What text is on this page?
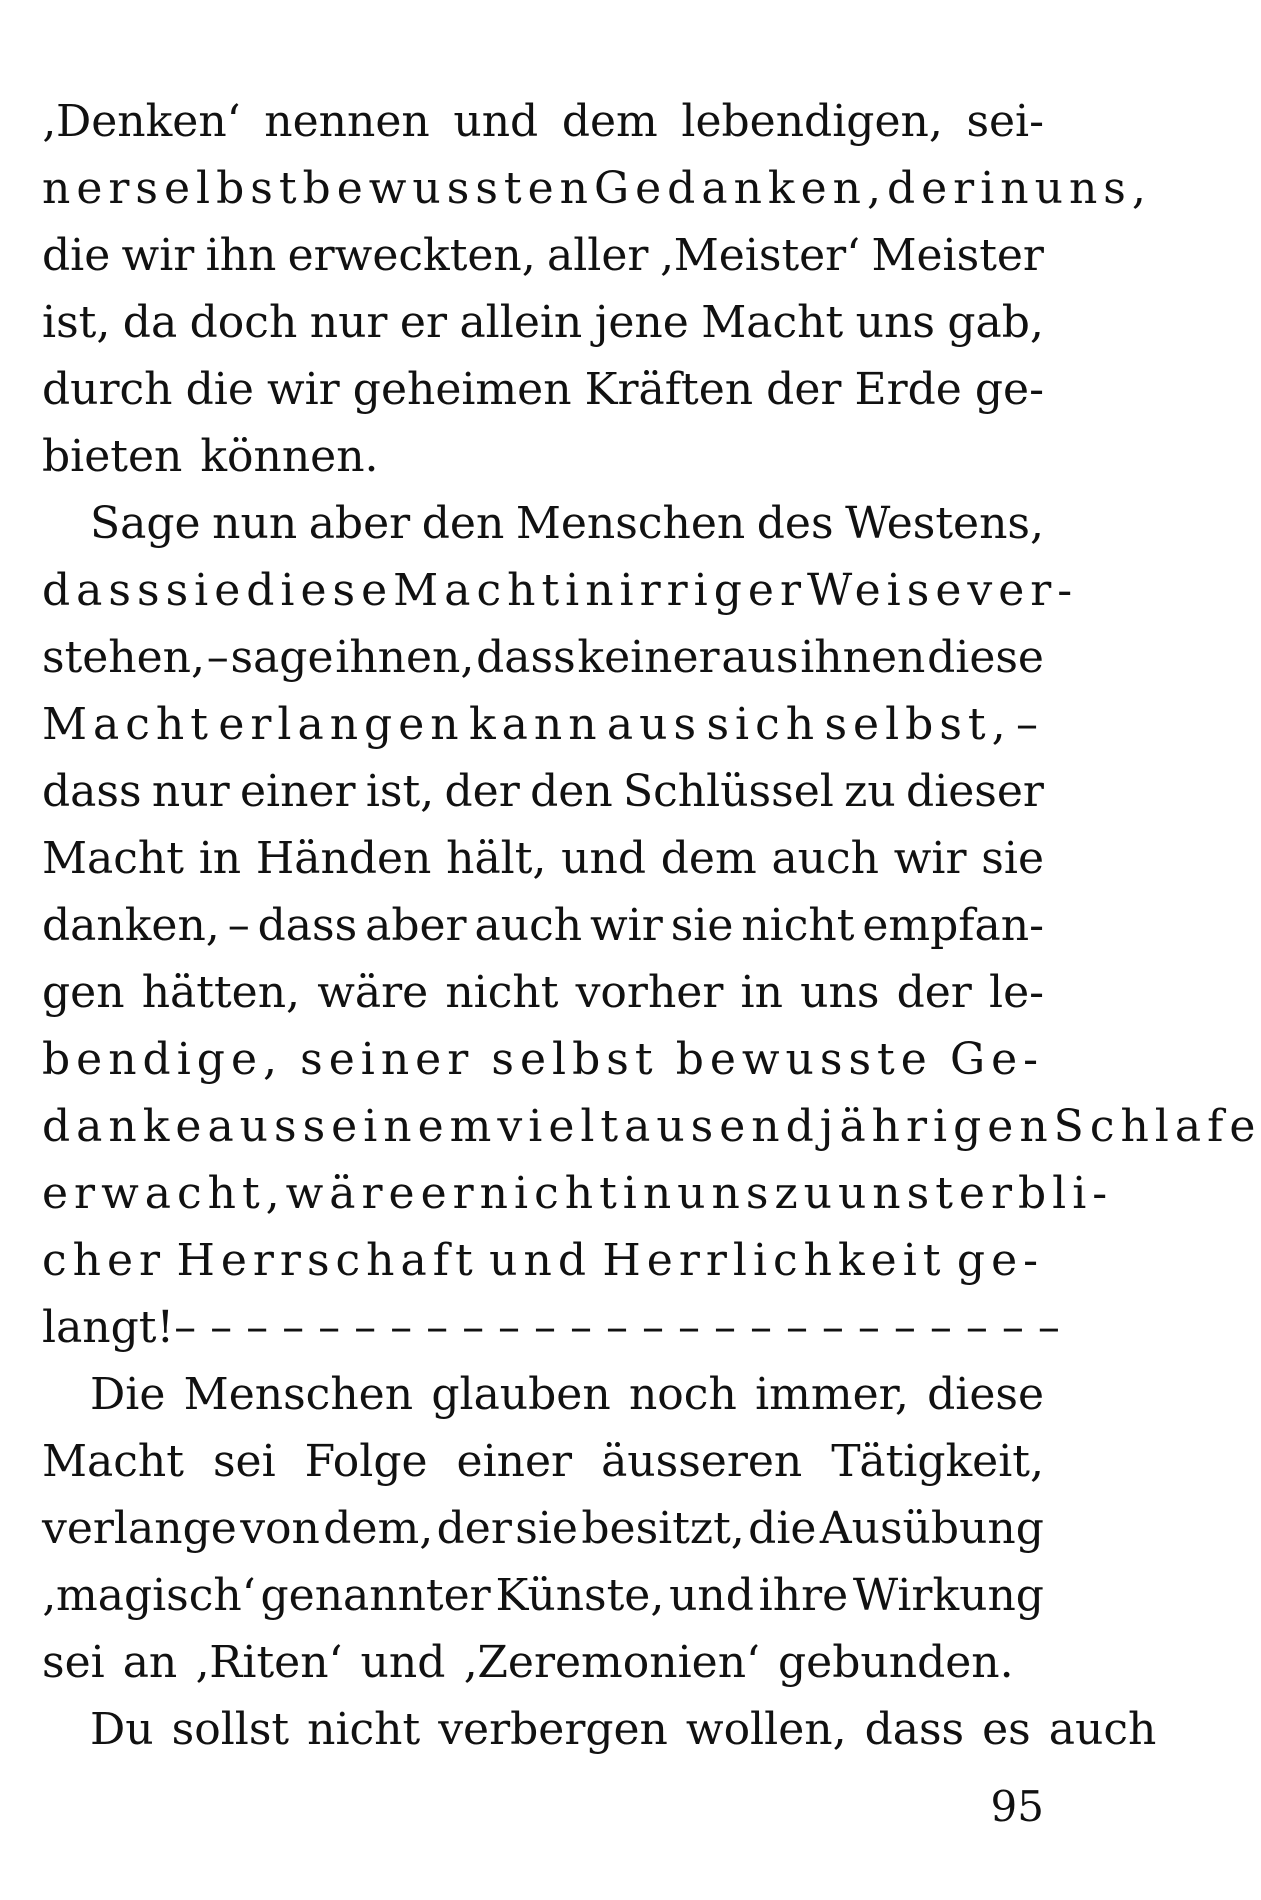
‚Denken‘ nennen und dem lebendigen, sei-
ner selbst bewussten Gedanken, der in uns,
die wir ihn erweckten, aller ‚Meister‘ Meister
ist, da doch nur er allein jene Macht uns gab,
durch die wir geheimen Kräften der Erde ge-
bieten können.
Sage nun aber den Menschen des Westens,
dass sie diese Macht in irriger Weise ver-
stehen, – sage ihnen, dass keiner aus ihnen diese
Macht erlangen kann aus sich selbst, –
dass nur einer ist, der den Schlüssel zu dieser
Macht in Händen hält, und dem auch wir sie
danken, – dass aber auch wir sie nicht empfan-
gen hätten, wäre nicht vorher in uns der le-
bendige, seiner selbst bewusste Ge-
danke aus seinem vieltausendjährigen Schlafe
erwacht, wäre er nicht in uns zu unsterbli-
cher Herrschaft und Herrlichkeit ge-
langt! – – – – – – – – – – – – – – – – – – – – – – – – –
Die Menschen glauben noch immer, diese
Macht sei Folge einer äusseren Tätigkeit,
verlange von dem, der sie besitzt, die Ausübung
‚magisch‘ genannter Künste, und ihre Wirkung
sei an ‚Riten‘ und ‚Zeremonien‘ gebunden.
Du sollst nicht verbergen wollen, dass es auch
95
